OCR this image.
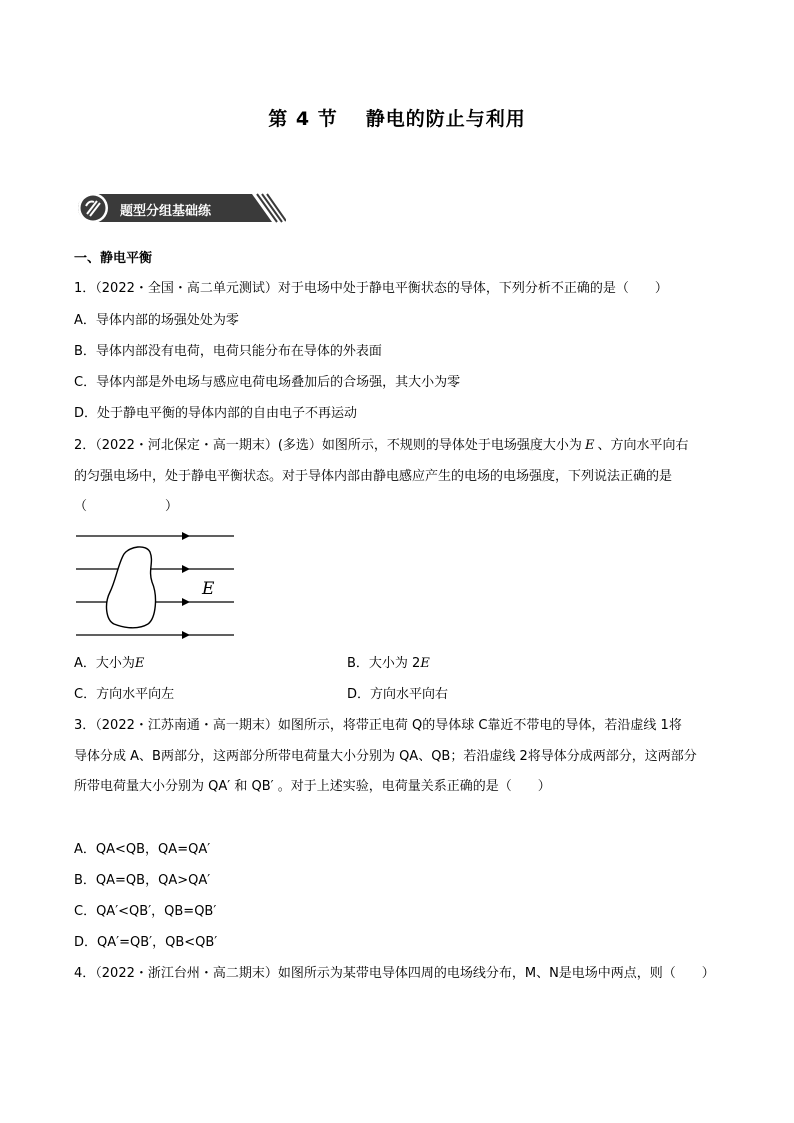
第 4 节 静电的防止与利用
题型分组基础练
一、静电平衡
1．（2022・全国・高二单元测试）对于电场中处于静电平衡状态的导体，下列分析不正确的是（　　）
A．导体内部的场强处处为零
B．导体内部没有电荷，电荷只能分布在导体的外表面
C．导体内部是外电场与感应电荷电场叠加后的合场强，其大小为零
D．处于静电平衡的导体内部的自由电子不再运动
2．（2022・河北保定・高一期末）(多选）如图所示，不规则的导体处于电场强度大小为 E 、方向水平向右
的匀强电场中，处于静电平衡状态。对于导体内部由静电感应产生的电场的电场强度，下列说法正确的是
（　　　　　　）
E
A．大小为E	B．大小为 2E
C．方向水平向左	D．方向水平向右
3．（2022・江苏南通・高一期末）如图所示，将带正电荷 Q的导体球 C靠近不带电的导体，若沿虚线 1将
导体分成 A、B两部分，这两部分所带电荷量大小分别为 QA、QB；若沿虚线 2将导体分成两部分，这两部分
所带电荷量大小分别为 QA′ 和 QB′ 。对于上述实验，电荷量关系正确的是（　　）
A．QA<QB，QA=QA′
B．QA=QB，QA>QA′
C．QA′<QB′，QB=QB′
D．QA′=QB′，QB<QB′
4．（2022・浙江台州・高二期末）如图所示为某带电导体四周的电场线分布，M、N是电场中两点，则（　　）
